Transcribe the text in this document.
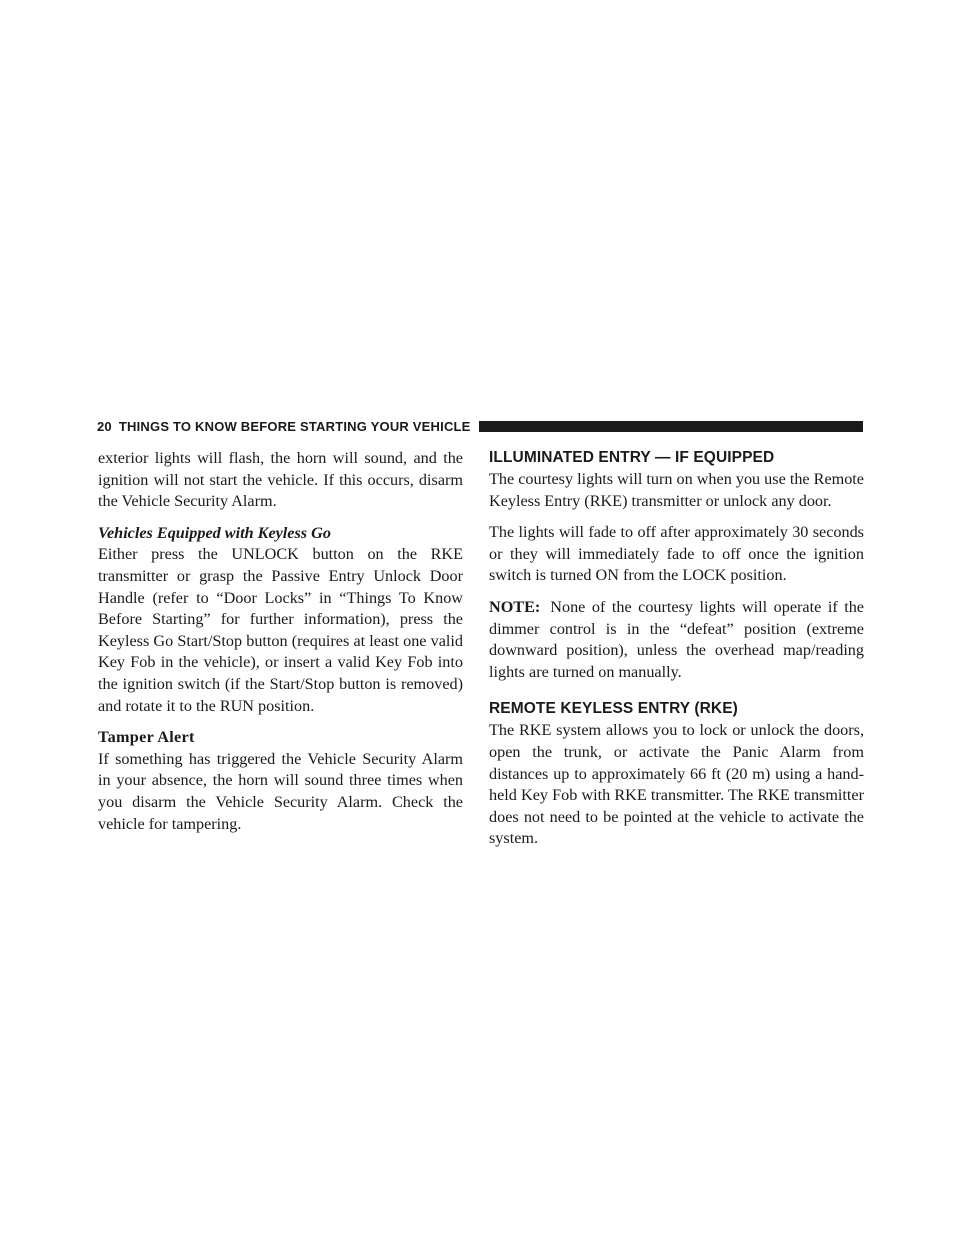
20 THINGS TO KNOW BEFORE STARTING YOUR VEHICLE

exterior lights will flash, the horn will sound, and the ignition will not start the vehicle. If this occurs, disarm the Vehicle Security Alarm.

Vehicles Equipped with Keyless Go

Either press the UNLOCK button on the RKE transmitter or grasp the Passive Entry Unlock Door Handle (refer to “Door Locks” in “Things To Know Before Starting” for further information), press the Keyless Go Start/Stop button (requires at least one valid Key Fob in the vehicle), or insert a valid Key Fob into the ignition switch (if the Start/Stop button is removed) and rotate it to the RUN position.

Tamper Alert

If something has triggered the Vehicle Security Alarm in your absence, the horn will sound three times when you disarm the Vehicle Security Alarm. Check the vehicle for tampering.

ILLUMINATED ENTRY — IF EQUIPPED

The courtesy lights will turn on when you use the Remote Keyless Entry (RKE) transmitter or unlock any door.

The lights will fade to off after approximately 30 seconds or they will immediately fade to off once the ignition switch is turned ON from the LOCK position.

NOTE: None of the courtesy lights will operate if the dimmer control is in the “defeat” position (extreme downward position), unless the overhead map/reading lights are turned on manually.

REMOTE KEYLESS ENTRY (RKE)

The RKE system allows you to lock or unlock the doors, open the trunk, or activate the Panic Alarm from distances up to approximately 66 ft (20 m) using a hand-held Key Fob with RKE transmitter. The RKE transmitter does not need to be pointed at the vehicle to activate the system.
